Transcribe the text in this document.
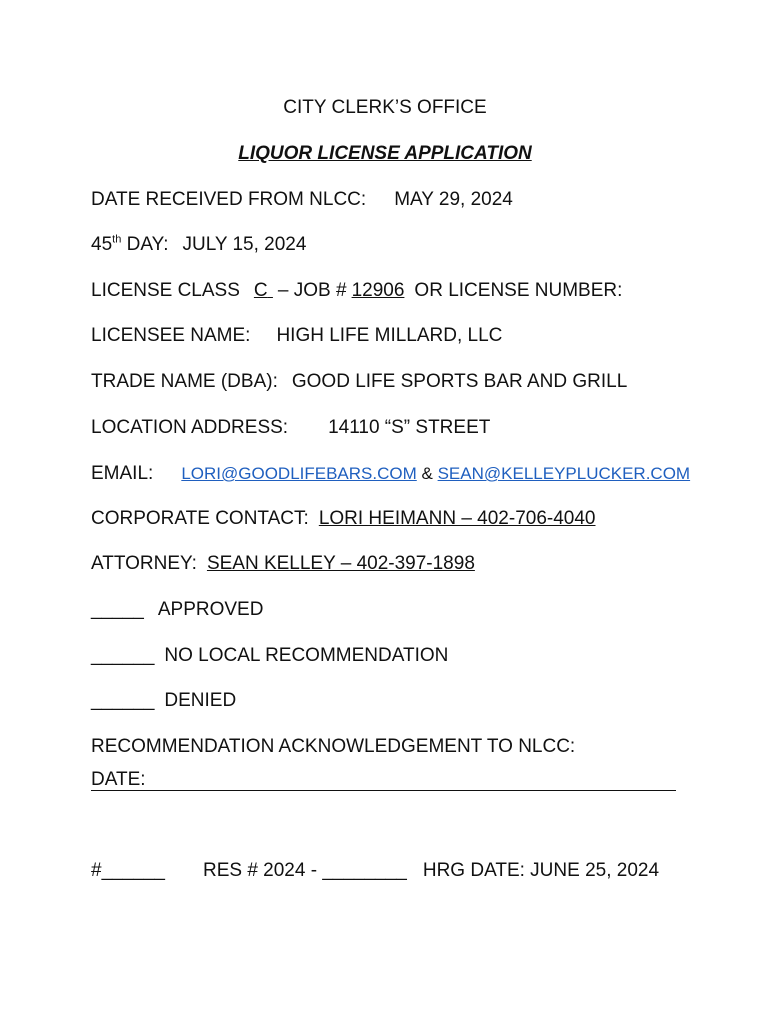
CITY CLERK’S OFFICE
LIQUOR LICENSE APPLICATION
DATE RECEIVED FROM NLCC: MAY 29, 2024
45th DAY: JULY 15, 2024
LICENSE CLASS C – JOB # 12906 OR LICENSE NUMBER:
LICENSEE NAME: HIGH LIFE MILLARD, LLC
TRADE NAME (DBA): GOOD LIFE SPORTS BAR AND GRILL
LOCATION ADDRESS: 14110 “S” STREET
EMAIL: LORI@GOODLIFEBARS.COM & SEAN@KELLEYPLUCKER.COM
CORPORATE CONTACT: LORI HEIMANN – 402-706-4040
ATTORNEY: SEAN KELLEY – 402-397-1898
_____ APPROVED
______ NO LOCAL RECOMMENDATION
______ DENIED
RECOMMENDATION ACKNOWLEDGEMENT TO NLCC:
DATE:
#______ RES # 2024 - ________ HRG DATE: JUNE 25, 2024
